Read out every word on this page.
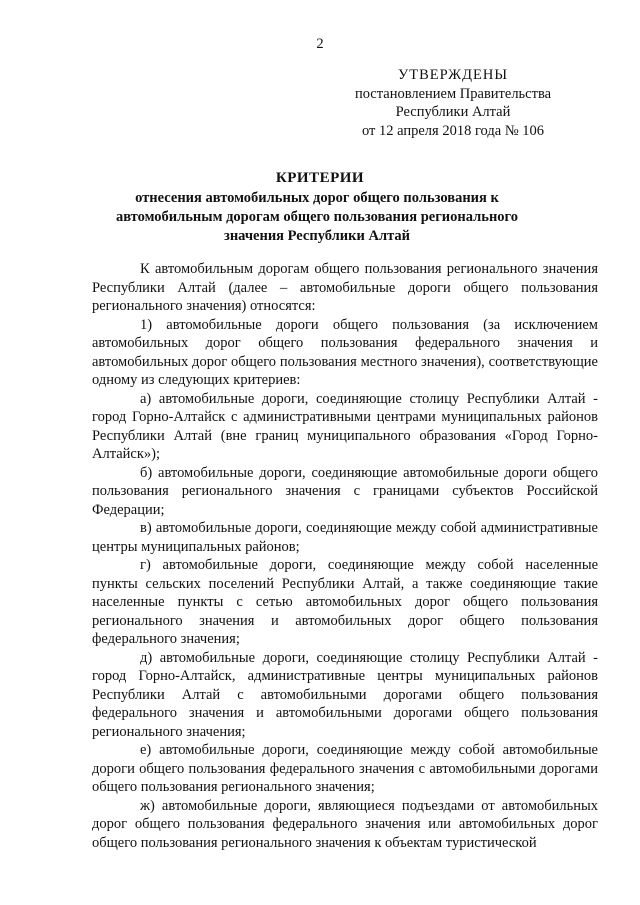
2
УТВЕРЖДЕНЫ
постановлением Правительства
Республики Алтай
от 12 апреля 2018 года № 106
КРИТЕРИИ
отнесения автомобильных дорог общего пользования к автомобильным дорогам общего пользования регионального значения Республики Алтай

К автомобильным дорогам общего пользования регионального значения Республики Алтай (далее – автомобильные дороги общего пользования регионального значения) относятся:

1) автомобильные дороги общего пользования (за исключением автомобильных дорог общего пользования федерального значения и автомобильных дорог общего пользования местного значения), соответствующие одному из следующих критериев:

а) автомобильные дороги, соединяющие столицу Республики Алтай - город Горно-Алтайск с административными центрами муниципальных районов Республики Алтай (вне границ муниципального образования «Город Горно-Алтайск»);

б) автомобильные дороги, соединяющие автомобильные дороги общего пользования регионального значения с границами субъектов Российской Федерации;

в) автомобильные дороги, соединяющие между собой административные центры муниципальных районов;

г) автомобильные дороги, соединяющие между собой населенные пункты сельских поселений Республики Алтай, а также соединяющие такие населенные пункты с сетью автомобильных дорог общего пользования регионального значения и автомобильных дорог общего пользования федерального значения;

д) автомобильные дороги, соединяющие столицу Республики Алтай - город Горно-Алтайск, административные центры муниципальных районов Республики Алтай с автомобильными дорогами общего пользования федерального значения и автомобильными дорогами общего пользования регионального значения;

е) автомобильные дороги, соединяющие между собой автомобильные дороги общего пользования федерального значения с автомобильными дорогами общего пользования регионального значения;

ж) автомобильные дороги, являющиеся подъездами от автомобильных дорог общего пользования федерального значения или автомобильных дорог общего пользования регионального значения к объектам туристической
